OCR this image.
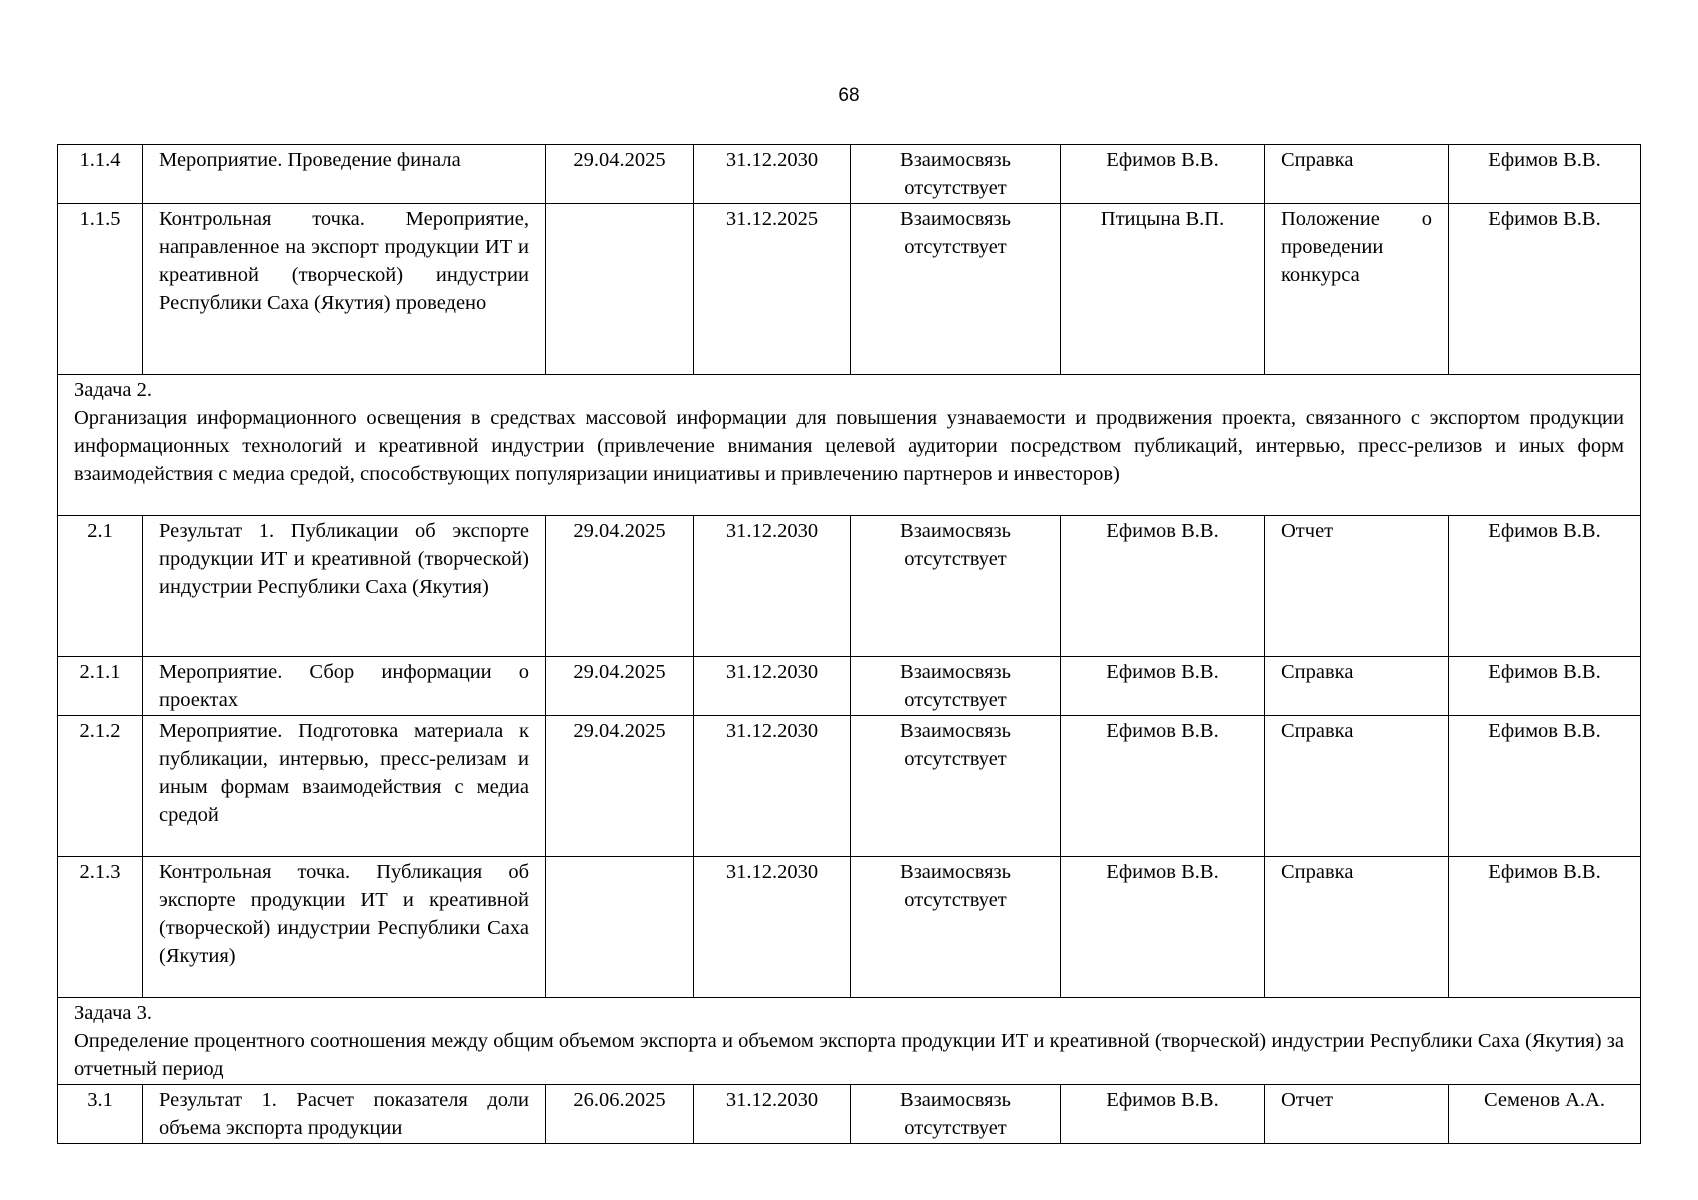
68
1.1.4	Мероприятие. Проведение финала	29.04.2025	31.12.2030	Взаимосвязь отсутствует	Ефимов В.В.	Справка	Ефимов В.В.
1.1.5	Контрольная точка. Мероприятие, направленное на экспорт продукции ИТ и креативной (творческой) индустрии Республики Саха (Якутия) проведено		31.12.2025	Взаимосвязь отсутствует	Птицына В.П.	Положение о проведении конкурса	Ефимов В.В.

Задача 2.
Организация информационного освещения в средствах массовой информации для повышения узнаваемости и продвижения проекта, связанного с экспортом продукции информационных технологий и креативной индустрии (привлечение внимания целевой аудитории посредством публикаций, интервью, пресс-релизов и иных форм взаимодействия с медиа средой, способствующих популяризации инициативы и привлечению партнеров и инвесторов)							

2.1	Результат 1. Публикации об экспорте продукции ИТ и креативной (творческой) индустрии Республики Саха (Якутия)	29.04.2025	31.12.2030	Взаимосвязь отсутствует	Ефимов В.В.	Отчет	Ефимов В.В.
2.1.1	Мероприятие. Сбор информации о проектах	29.04.2025	31.12.2030	Взаимосвязь отсутствует	Ефимов В.В.	Справка	Ефимов В.В.
2.1.2	Мероприятие. Подготовка материала к публикации, интервью, пресс-релизам и иным формам взаимодействия с медиа средой	29.04.2025	31.12.2030	Взаимосвязь отсутствует	Ефимов В.В.	Справка	Ефимов В.В.
2.1.3	Контрольная точка. Публикация об экспорте продукции ИТ и креативной (творческой) индустрии Республики Саха (Якутия)		31.12.2030	Взаимосвязь отсутствует	Ефимов В.В.	Справка	Ефимов В.В.

Задача 3.
Определение процентного соотношения между общим объемом экспорта и объемом экспорта продукции ИТ и креативной (творческой) индустрии Республики Саха (Якутия) за отчетный период							

3.1	Результат 1. Расчет показателя доли объема экспорта продукции	26.06.2025	31.12.2030	Взаимосвязь отсутствует	Ефимов В.В.	Отчет	Семенов А.А.
